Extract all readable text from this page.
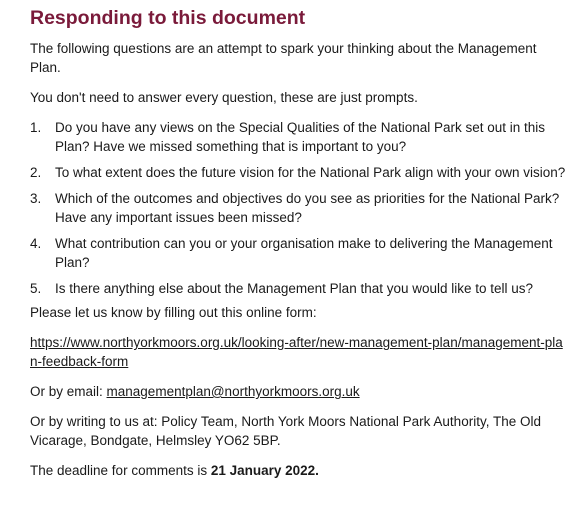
Responding to this document

The following questions are an attempt to spark your thinking about the Management Plan.

You don't need to answer every question, these are just prompts.

1. Do you have any views on the Special Qualities of the National Park set out in this Plan? Have we missed something that is important to you?
2. To what extent does the future vision for the National Park align with your own vision?
3. Which of the outcomes and objectives do you see as priorities for the National Park? Have any important issues been missed?
4. What contribution can you or your organisation make to delivering the Management Plan?
5. Is there anything else about the Management Plan that you would like to tell us?

Please let us know by filling out this online form:

https://www.northyorkmoors.org.uk/looking-after/new-management-plan/management-plan-feedback-form

Or by email: managementplan@northyorkmoors.org.uk

Or by writing to us at: Policy Team, North York Moors National Park Authority, The Old Vicarage, Bondgate, Helmsley YO62 5BP.

The deadline for comments is 21 January 2022.
